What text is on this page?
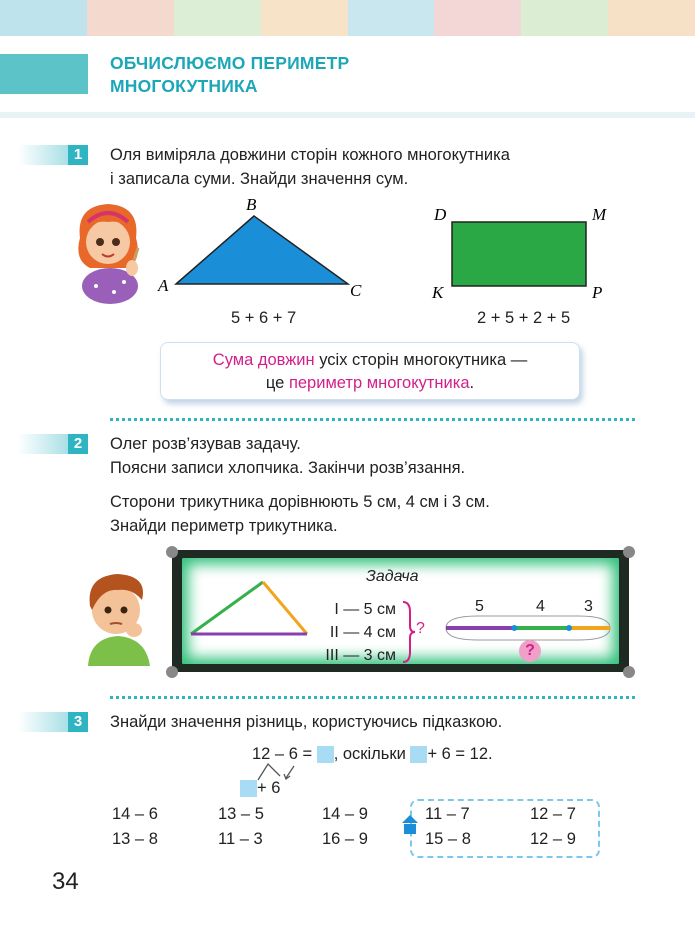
ОБЧИСЛЮЄМО ПЕРИМЕТР
МНОГОКУТНИКА
1	Оля виміряла довжини сторін кожного многокутника
і записала суми. Знайди значення сум.
B
A	C
5 + 6 + 7
D	M
K	P
2 + 5 + 2 + 5
Сума довжин усіх сторін многокутника —
це периметр многокутника.
2	Олег розв’язував задачу.
Поясни записи хлопчика. Закінчи розв’язання.
Сторони трикутника дорівнюють 5 см, 4 см і 3 см.
Знайди периметр трикутника.
Задача
І — 5 см
ІІ — 4 см
ІІІ — 3 см
?
5	4 3
?
3	Знайди значення різниць, користуючись підказкою.
12 – 6 = , оскільки + 6 = 12.
+ 6
14 – 6	13 – 5	14 – 9	11 – 7	12 – 7
13 – 8	11 – 3	16 – 9	15 – 8	12 – 9
34
